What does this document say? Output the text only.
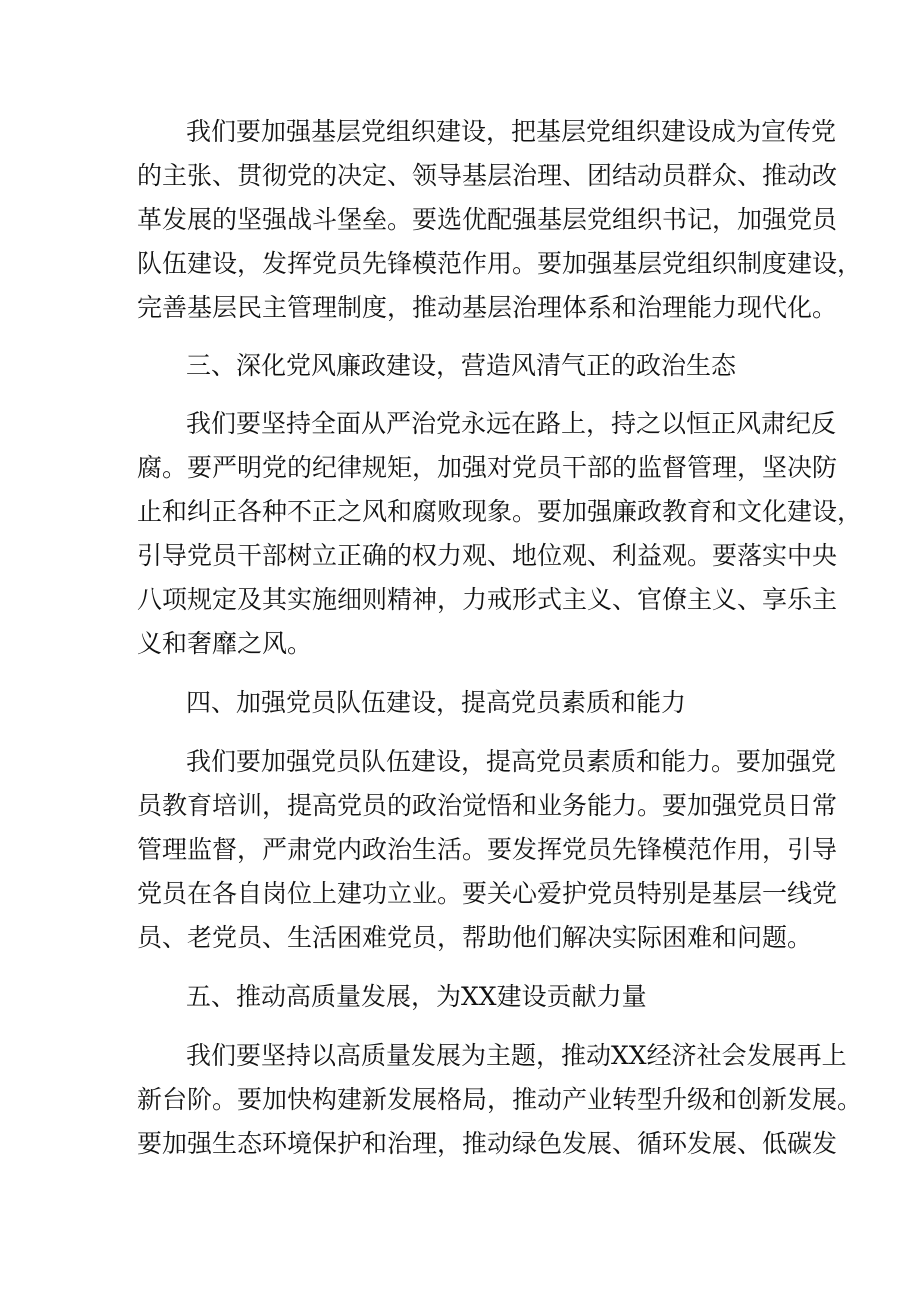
我们要加强基层党组织建设，把基层党组织建设成为宣传党

的主张、贯彻党的决定、领导基层治理、团结动员群众、推动改

革发展的坚强战斗堡垒。要选优配强基层党组织书记，加强党员

队伍建设，发挥党员先锋模范作用。要加强基层党组织制度建设，

完善基层民主管理制度，推动基层治理体系和治理能力现代化。

三、深化党风廉政建设，营造风清气正的政治生态

我们要坚持全面从严治党永远在路上，持之以恒正风肃纪反

腐。要严明党的纪律规矩，加强对党员干部的监督管理，坚决防

止和纠正各种不正之风和腐败现象。要加强廉政教育和文化建设，

引导党员干部树立正确的权力观、地位观、利益观。要落实中央

八项规定及其实施细则精神，力戒形式主义、官僚主义、享乐主

义和奢靡之风。

四、加强党员队伍建设，提高党员素质和能力

我们要加强党员队伍建设，提高党员素质和能力。要加强党

员教育培训，提高党员的政治觉悟和业务能力。要加强党员日常

管理监督，严肃党内政治生活。要发挥党员先锋模范作用，引导

党员在各自岗位上建功立业。要关心爱护党员特别是基层一线党

员、老党员、生活困难党员，帮助他们解决实际困难和问题。

五、推动高质量发展，为XX建设贡献力量

我们要坚持以高质量发展为主题，推动XX经济社会发展再上

新台阶。要加快构建新发展格局，推动产业转型升级和创新发展。

要加强生态环境保护和治理，推动绿色发展、循环发展、低碳发
